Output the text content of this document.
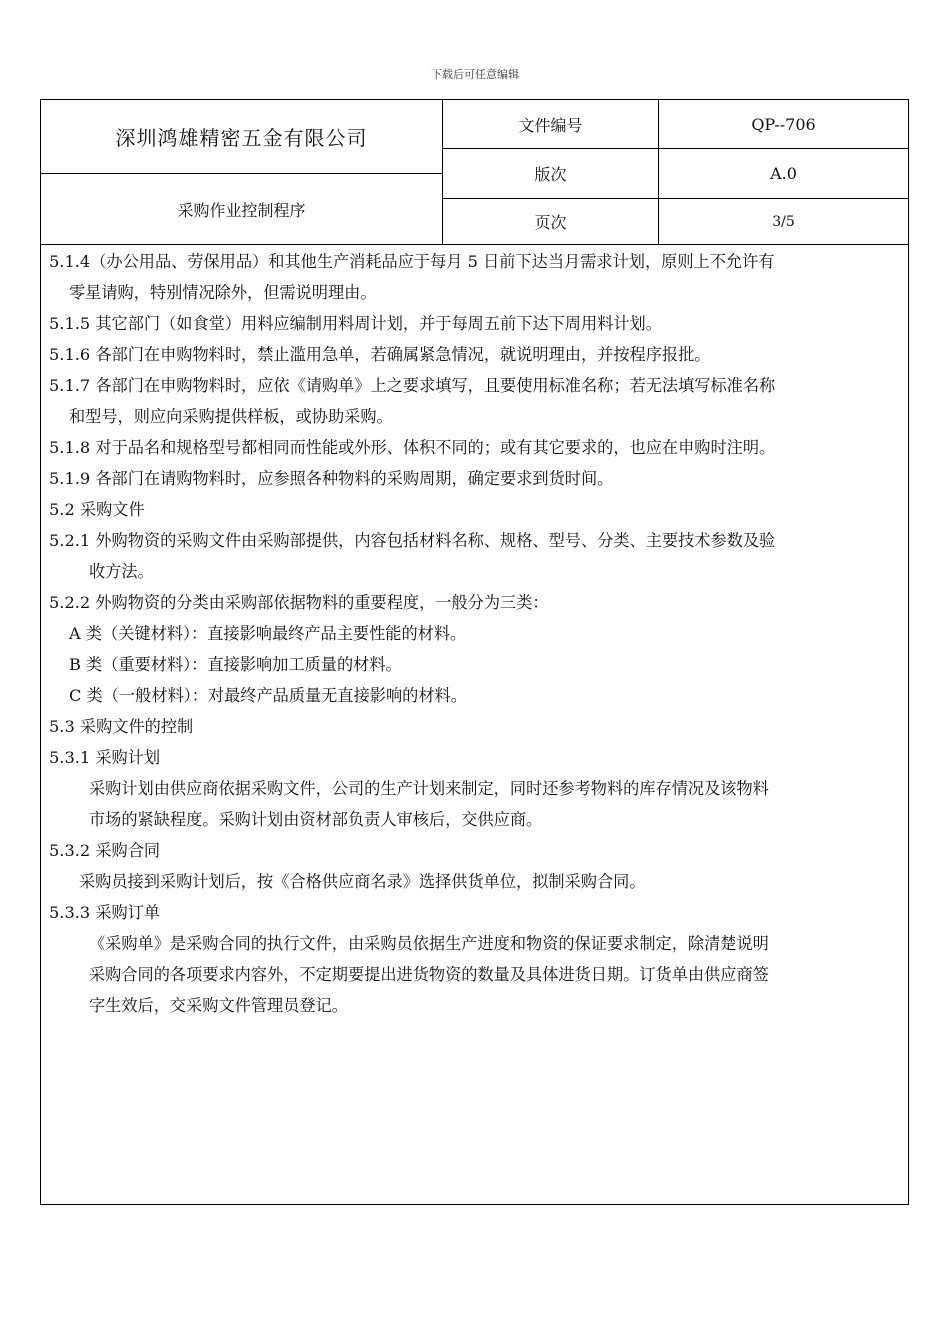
下载后可任意编辑
深圳鸿雄精密五金有限公司
采购作业控制程序
文件编号	QP--706
版次	A.0
页次	3/5
5.1.4（办公用品、劳保用品）和其他生产消耗品应于每月 5 日前下达当月需求计划，原则上不允许有
零星请购，特别情况除外，但需说明理由。
5.1.5 其它部门（如食堂）用料应编制用料周计划，并于每周五前下达下周用料计划。
5.1.6 各部门在申购物料时，禁止滥用急单，若确属紧急情况，就说明理由，并按程序报批。
5.1.7 各部门在申购物料时，应依《请购单》上之要求填写，且要使用标准名称；若无法填写标准名称
和型号，则应向采购提供样板，或协助采购。
5.1.8 对于品名和规格型号都相同而性能或外形、体积不同的；或有其它要求的，也应在申购时注明。
5.1.9 各部门在请购物料时，应参照各种物料的采购周期，确定要求到货时间。
5.2 采购文件
5.2.1 外购物资的采购文件由采购部提供，内容包括材料名称、规格、型号、分类、主要技术参数及验
收方法。
5.2.2 外购物资的分类由采购部依据物料的重要程度，一般分为三类：
A 类（关键材料）：直接影响最终产品主要性能的材料。
B 类（重要材料）：直接影响加工质量的材料。
C 类（一般材料）：对最终产品质量无直接影响的材料。
5.3 采购文件的控制
5.3.1 采购计划
采购计划由供应商依据采购文件，公司的生产计划来制定，同时还参考物料的库存情况及该物料
市场的紧缺程度。采购计划由资材部负责人审核后，交供应商。
5.3.2 采购合同
采购员接到采购计划后，按《合格供应商名录》选择供货单位，拟制采购合同。
5.3.3 采购订单
《采购单》是采购合同的执行文件，由采购员依据生产进度和物资的保证要求制定，除清楚说明
采购合同的各项要求内容外，不定期要提出进货物资的数量及具体进货日期。订货单由供应商签
字生效后，交采购文件管理员登记。
